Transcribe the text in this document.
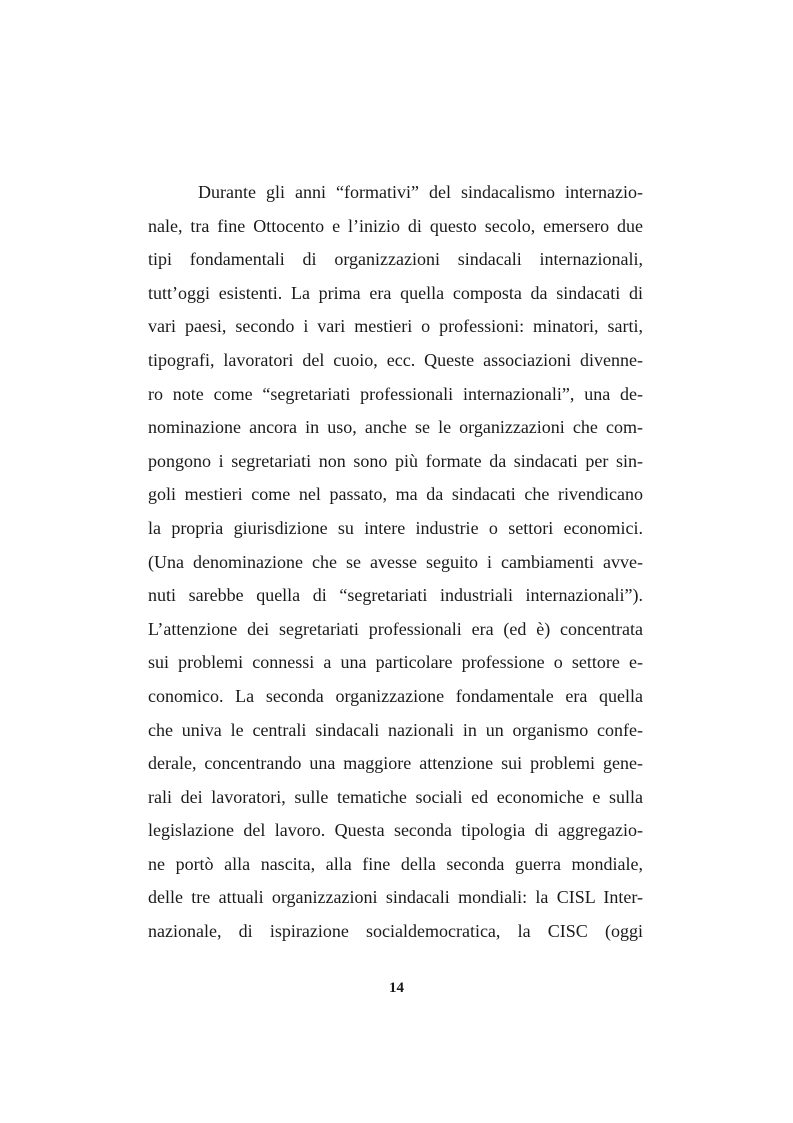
Durante gli anni “formativi” del sindacalismo internazio-
nale, tra fine Ottocento e l’inizio di questo secolo, emersero due
tipi fondamentali di organizzazioni sindacali internazionali,
tutt’oggi esistenti. La prima era quella composta da sindacati di
vari paesi, secondo i vari mestieri o professioni: minatori, sarti,
tipografi, lavoratori del cuoio, ecc. Queste associazioni divenne-
ro note come “segretariati professionali internazionali”, una de-
nominazione ancora in uso, anche se le organizzazioni che com-
pongono i segretariati non sono più formate da sindacati per sin-
goli mestieri come nel passato, ma da sindacati che rivendicano
la propria giurisdizione su intere industrie o settori economici.
(Una denominazione che se avesse seguito i cambiamenti avve-
nuti sarebbe quella di “segretariati industriali internazionali”).
L’attenzione dei segretariati professionali era (ed è) concentrata
sui problemi connessi a una particolare professione o settore e-
conomico. La seconda organizzazione fondamentale era quella
che univa le centrali sindacali nazionali in un organismo confe-
derale, concentrando una maggiore attenzione sui problemi gene-
rali dei lavoratori, sulle tematiche sociali ed economiche e sulla
legislazione del lavoro. Questa seconda tipologia di aggregazio-
ne portò alla nascita, alla fine della seconda guerra mondiale,
delle tre attuali organizzazioni sindacali mondiali: la CISL Inter-
nazionale, di ispirazione socialdemocratica, la CISC (oggi
14
